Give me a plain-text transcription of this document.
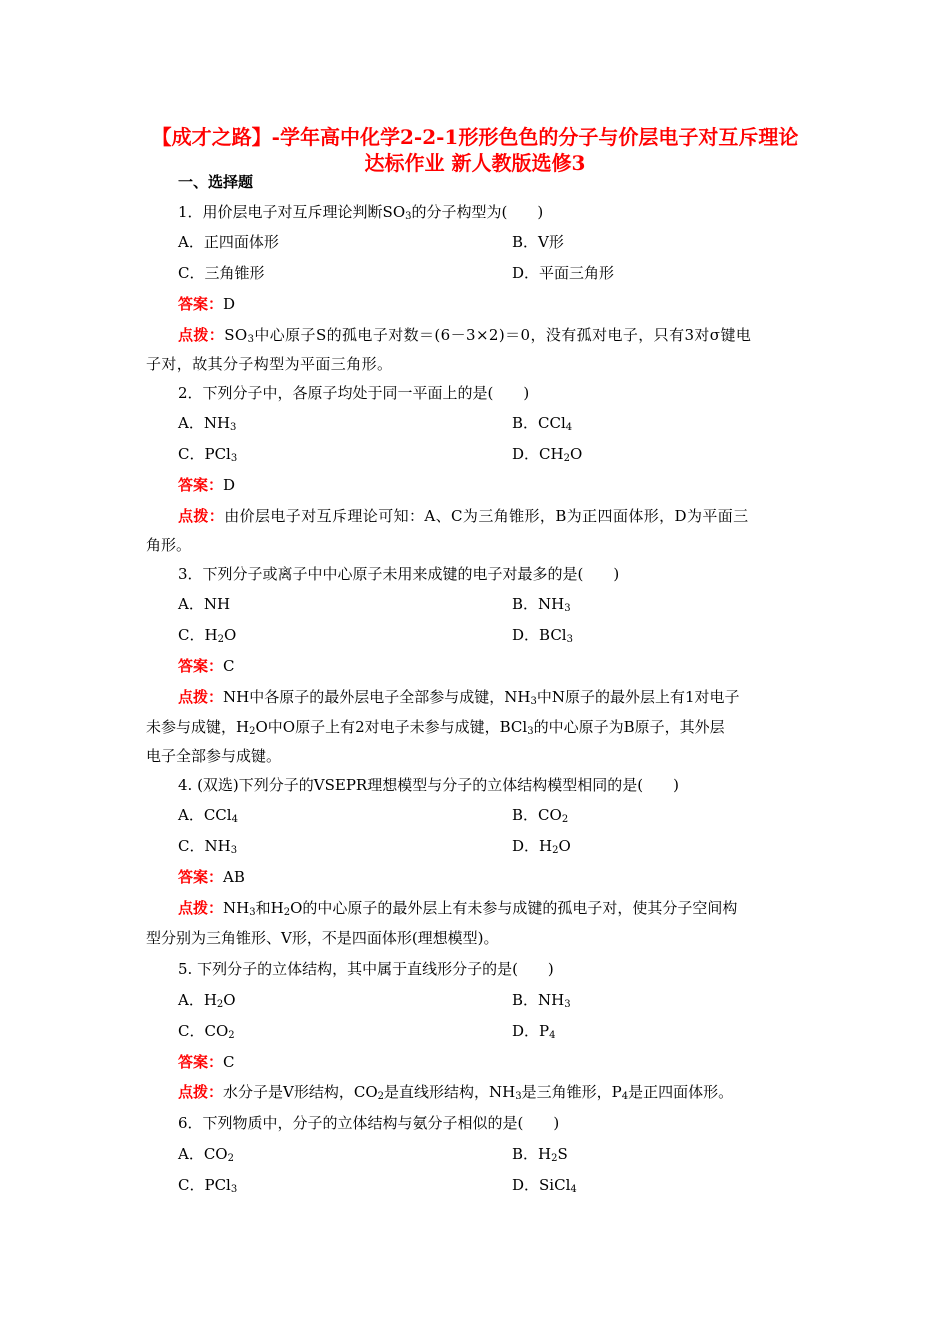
【成才之路】-学年高中化学2-2-1形形色色的分子与价层电子对互斥理论
达标作业 新人教版选修3
一、选择题
1．用价层电子对互斥理论判断$SO_3$的分子构型为(　　)
A．正四面体形	B．V形
C．三角锥形	D．平面三角形
答案：D
点拨：$SO_3$中心原子S的孤电子对数＝(6－3×2)＝0，没有孤对电子，只有3对σ键电
子对，故其分子构型为平面三角形。
2．下列分子中，各原子均处于同一平面上的是(　　)
A．$NH_3$	B．CCl$_4$
C．PCl$_3$	D．$CH_2O$
答案：D
点拨：由价层电子对互斥理论可知：A、C为三角锥形，B为正四面体形，D为平面三
角形。
3．下列分子或离子中中心原子未用来成键的电子对最多的是(　　)
A．NH	B．$NH_3$
C．$H_2O$	D．BCl$_3$
答案：C
点拨：NH中各原子的最外层电子全部参与成键，$NH_3$中N原子的最外层上有1对电子
未参与成键，$H_2O$中O原子上有2对电子未参与成键，BCl$_3$的中心原子为B原子，其外层
电子全部参与成键。
4. (双选)下列分子的VSEPR理想模型与分子的立体结构模型相同的是(　　)
A．CCl$_4$	B．$CO_2$
C．$NH_3$	D．$H_2O$
答案：AB
点拨：$NH_3$和$H_2O$的中心原子的最外层上有未参与成键的孤电子对，使其分子空间构
型分别为三角锥形、V形，不是四面体形(理想模型)。
5. 下列分子的立体结构，其中属于直线形分子的是(　　)
A．$H_2O$	B．$NH_3$
C．$CO_2$	D．$P_4$
答案：C
点拨：水分子是V形结构，$CO_2$是直线形结构，$NH_3$是三角锥形，$P_4$是正四面体形。
6．下列物质中，分子的立体结构与氨分子相似的是(　　)
A．$CO_2$	B．$H_2S$
C．PCl$_3$	D．SiCl$_4$
